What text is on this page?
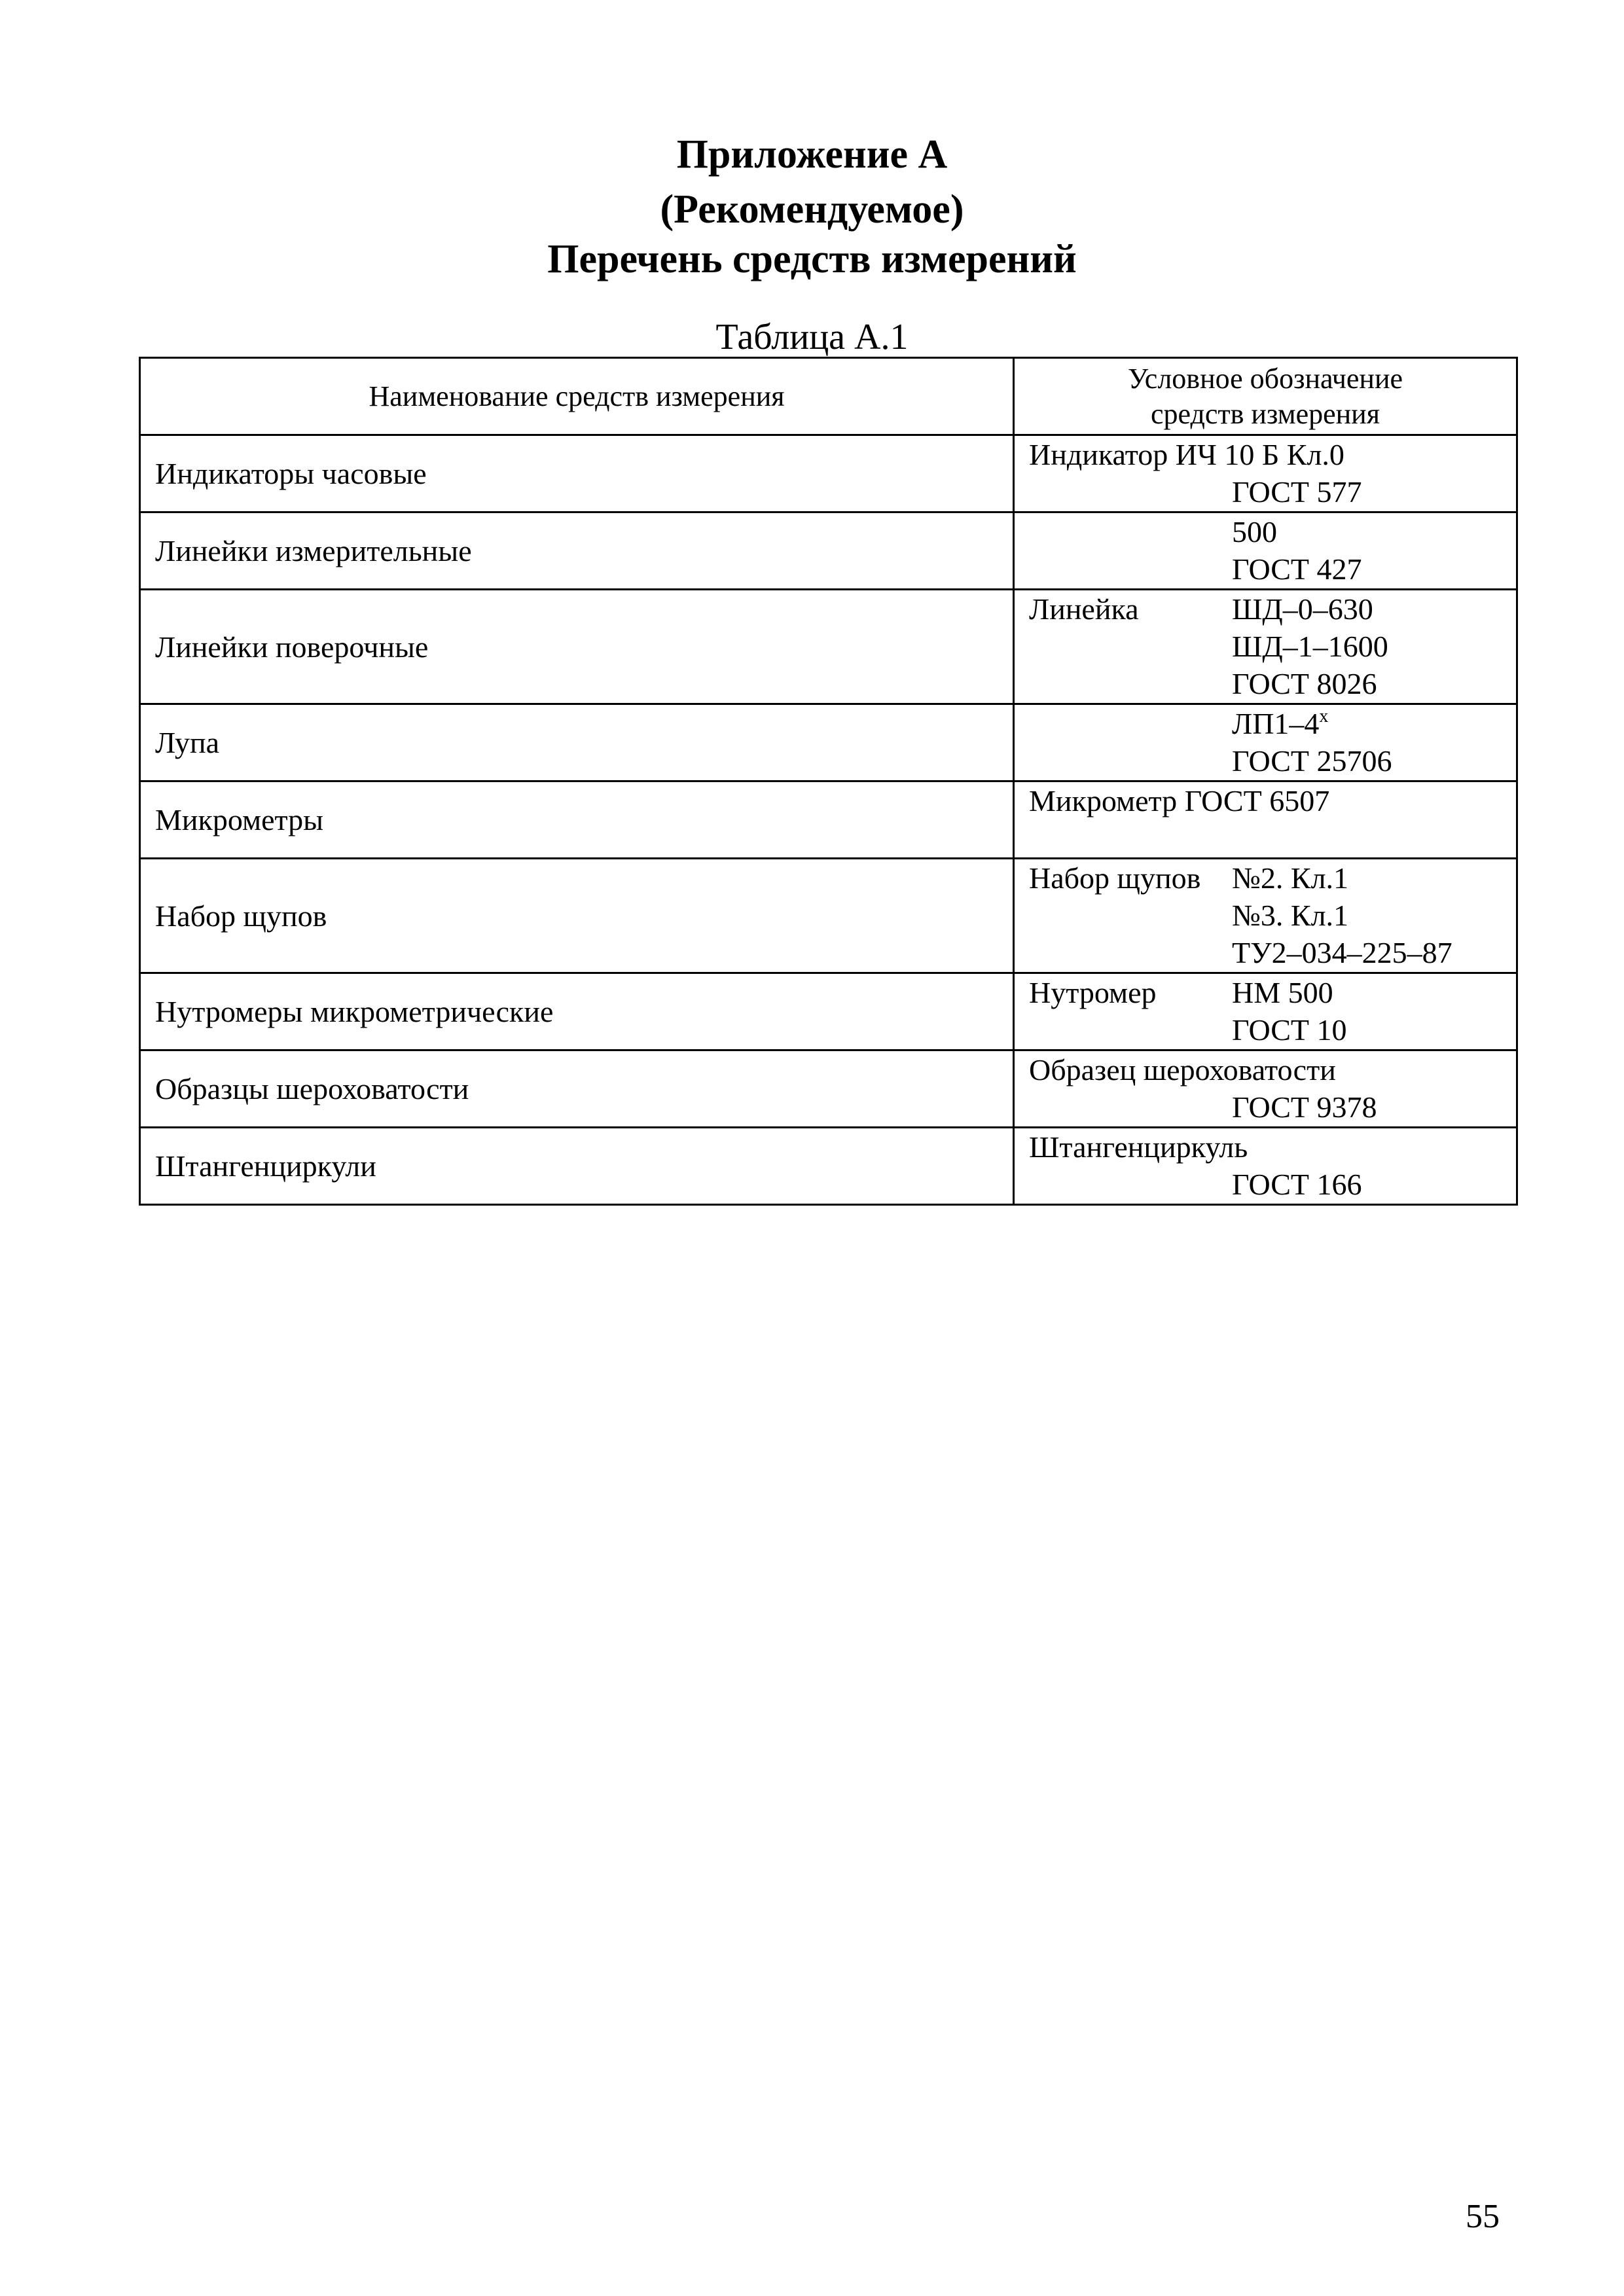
Приложение А
(Рекомендуемое)
Перечень средств измерений
Таблица А.1
Наименование средств измерения	Условное обозначение
средств измерения

Индикаторы часовые	Индикатор ИЧ 10 Б Кл.0
ГОСТ 577

Линейки измерительные	500
ГОСТ 427

Линейки поверочные	Линейка ШД–0–630
ШД–1–1600
ГОСТ 8026

Лупа	$ЛП1-4^х$
ГОСТ 25706

Микрометры	Микрометр ГОСТ 6507

Набор щупов	Набор щупов №2. Кл.1
№3. Кл.1
ТУ2–034–225–87

Нутромеры микрометрические	Нутромер НМ 500
ГОСТ 10

Образцы шероховатости	Образец шероховатости
ГОСТ 9378

Штангенциркули	Штангенциркуль
ГОСТ 166
55
